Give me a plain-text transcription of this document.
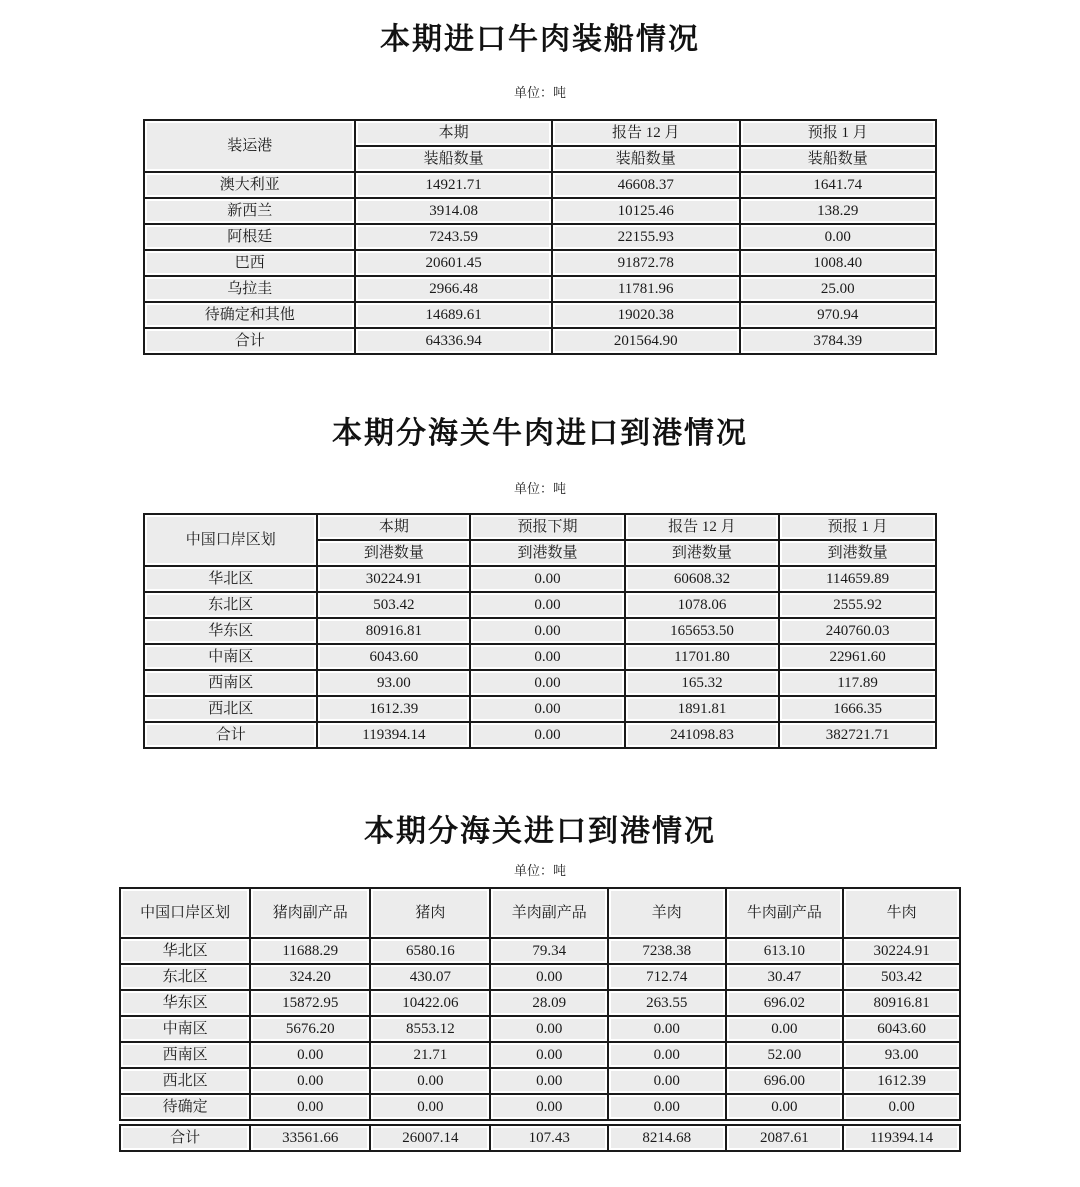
本期进口牛肉装船情况
单位：吨
装运港	本期	报告 12 月	预报 1 月
	装船数量	装船数量	装船数量
澳大利亚	14921.71	46608.37	1641.74
新西兰	3914.08	10125.46	138.29
阿根廷	7243.59	22155.93	0.00
巴西	20601.45	91872.78	1008.40
乌拉圭	2966.48	11781.96	25.00
待确定和其他	14689.61	19020.38	970.94
合计	64336.94	201564.90	3784.39
本期分海关牛肉进口到港情况
单位：吨
中国口岸区划	本期	预报下期	报告 12 月	预报 1 月
	到港数量	到港数量	到港数量	到港数量
华北区	30224.91	0.00	60608.32	114659.89
东北区	503.42	0.00	1078.06	2555.92
华东区	80916.81	0.00	165653.50	240760.03
中南区	6043.60	0.00	11701.80	22961.60
西南区	93.00	0.00	165.32	117.89
西北区	1612.39	0.00	1891.81	1666.35
合计	119394.14	0.00	241098.83	382721.71
本期分海关进口到港情况
单位：吨
中国口岸区划	猪肉副产品	猪肉	羊肉副产品	羊肉	牛肉副产品	牛肉
华北区	11688.29	6580.16	79.34	7238.38	613.10	30224.91
东北区	324.20	430.07	0.00	712.74	30.47	503.42
华东区	15872.95	10422.06	28.09	263.55	696.02	80916.81
中南区	5676.20	8553.12	0.00	0.00	0.00	6043.60
西南区	0.00	21.71	0.00	0.00	52.00	93.00
西北区	0.00	0.00	0.00	0.00	696.00	1612.39
待确定	0.00	0.00	0.00	0.00	0.00	0.00
合计	33561.66	26007.14	107.43	8214.68	2087.61	119394.14
